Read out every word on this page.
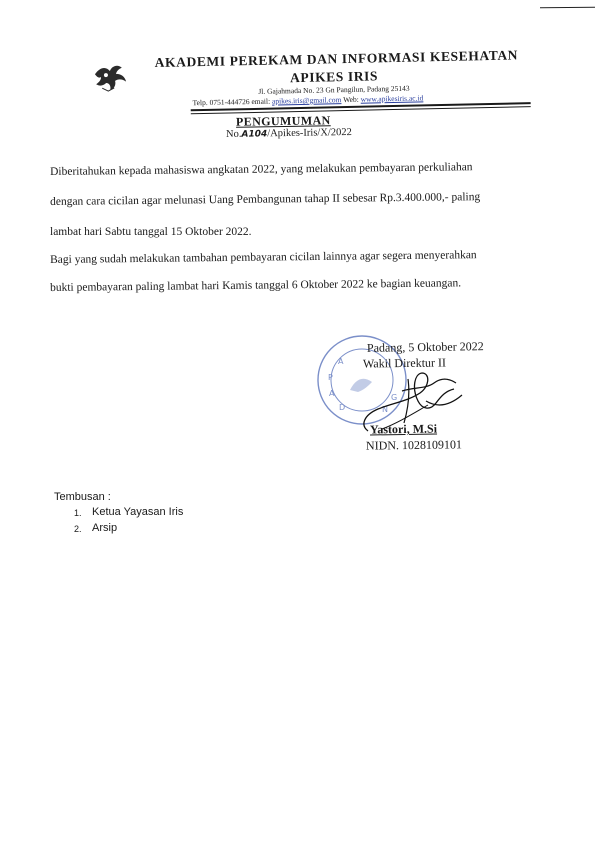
AKADEMI PEREKAM DAN INFORMASI KESEHATAN
APIKES IRIS
Jl. Gajahmada No. 23 Gn Pangilun, Padang 25143
Telp. 0751-444726 email: apikes.iris@gmail.com Web: www.apikesiris.ac.id
PENGUMUMAN
No.A104/Apikes-Iris/X/2022
Diberitahukan kepada mahasiswa angkatan 2022, yang melakukan pembayaran perkuliahan
dengan cara cicilan agar melunasi Uang Pembangunan tahap II sebesar Rp.3.400.000,- paling
lambat hari Sabtu tanggal 15 Oktober 2022.
Bagi yang sudah melakukan tambahan pembayaran cicilan lainnya agar segera menyerahkan
bukti pembayaran paling lambat hari Kamis tanggal 6 Oktober 2022 ke bagian keuangan.
A
P
A
D	N
G
Padang, 5 Oktober 2022
Wakil Direktur II
Yastori, M.Si
NIDN. 1028109101
Tembusan :
1. Ketua Yayasan Iris
2. Arsip
